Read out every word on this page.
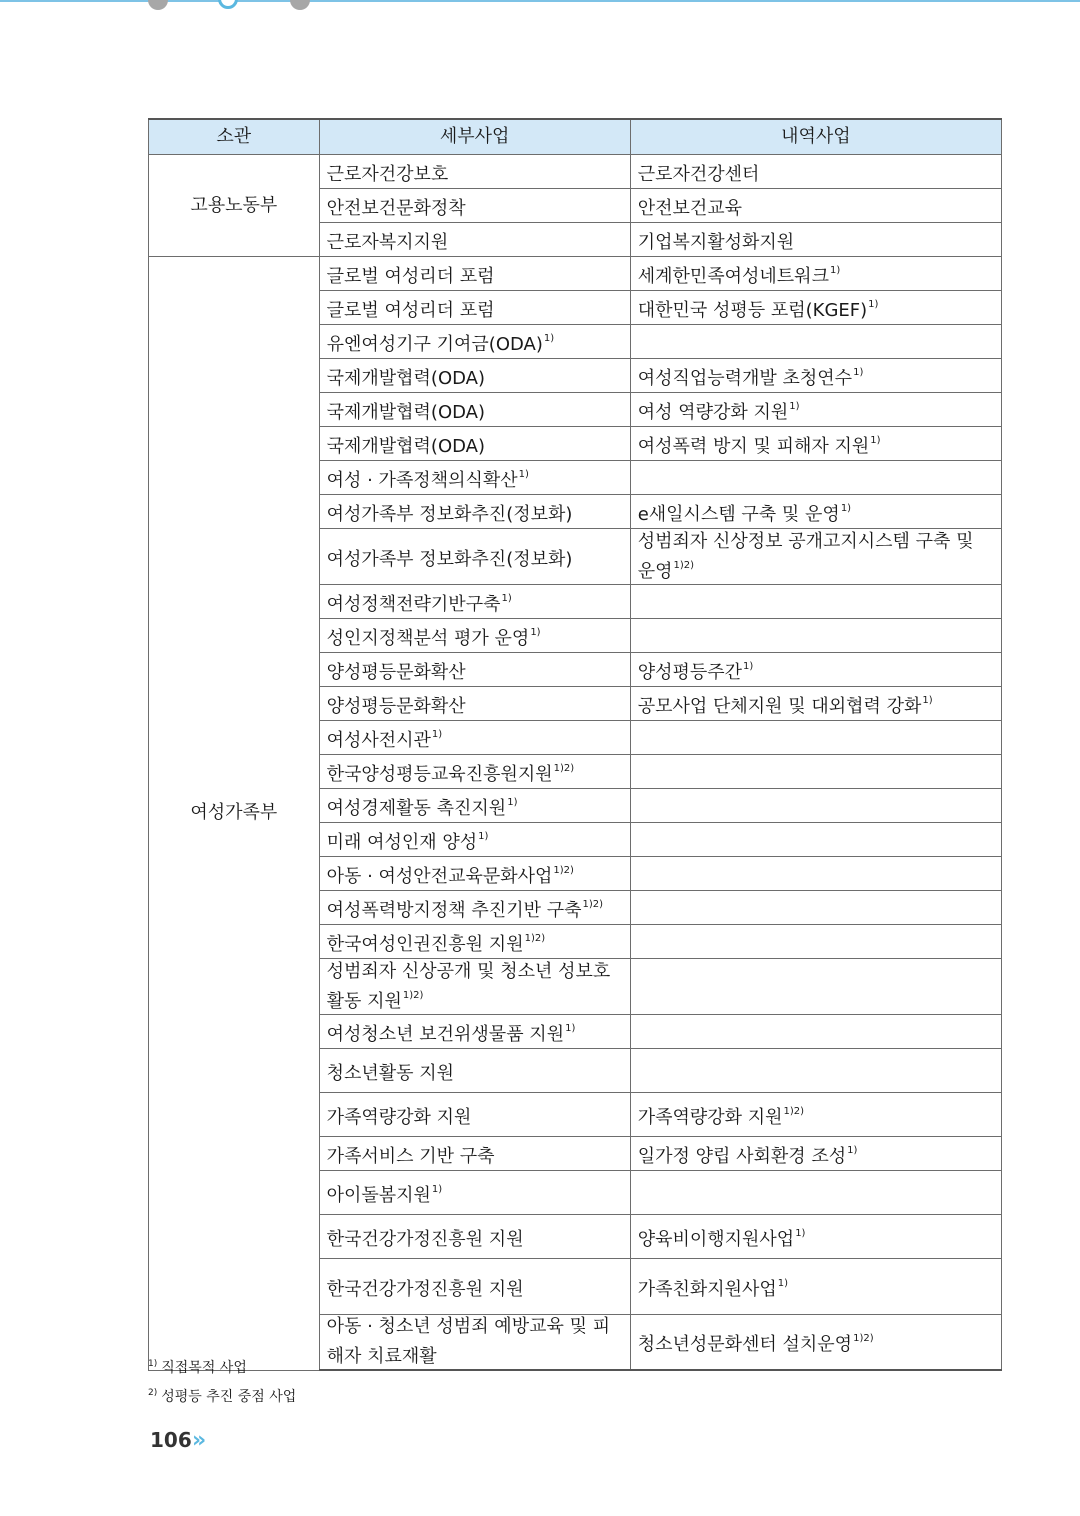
소관	세부사업	내역사업
고용노동부	근로자건강보호	근로자건강센터
	안전보건문화정착	안전보건교육
	근로자복지지원	기업복지활성화지원
여성가족부	글로벌 여성리더 포럼	세계한민족여성네트워크$^{1)}$
	글로벌 여성리더 포럼	대한민국 성평등 포럼(KGEF)$^{1)}$
	유엔여성기구 기여금(ODA)$^{1)}$	
	국제개발협력(ODA)	여성직업능력개발 초청연수$^{1)}$
	국제개발협력(ODA)	여성 역량강화 지원$^{1)}$
	국제개발협력(ODA)	여성폭력 방지 및 피해자 지원$^{1)}$
	여성 · 가족정책의식확산$^{1)}$	
	여성가족부 정보화추진(정보화)	e새일시스템 구축 및 운영$^{1)}$
	여성가족부 정보화추진(정보화)	성범죄자 신상정보 공개고지시스템 구축 및 운영$^{1)2)}$
	여성정책전략기반구축$^{1)}$	
	성인지정책분석 평가 운영$^{1)}$	
	양성평등문화확산	양성평등주간$^{1)}$
	양성평등문화확산	공모사업 단체지원 및 대외협력 강화$^{1)}$
	여성사전시관$^{1)}$	
	한국양성평등교육진흥원지원$^{1)2)}$	
	여성경제활동 촉진지원$^{1)}$	
	미래 여성인재 양성$^{1)}$	
	아동 · 여성안전교육문화사업$^{1)2)}$	
	여성폭력방지정책 추진기반 구축$^{1)2)}$	
	한국여성인권진흥원 지원$^{1)2)}$	
	성범죄자 신상공개 및 청소년 성보호활동 지원$^{1)2)}$	
	여성청소년 보건위생물품 지원$^{1)}$	
	청소년활동 지원	
	가족역량강화 지원	가족역량강화 지원$^{1)2)}$
	가족서비스 기반 구축	일가정 양립 사회환경 조성$^{1)}$
	아이돌봄지원$^{1)}$	
	한국건강가정진흥원 지원	양육비이행지원사업$^{1)}$
	한국건강가정진흥원 지원	가족친화지원사업$^{1)}$
	아동 · 청소년 성범죄 예방교육 및 피해자 치료재활	청소년성문화센터 설치운영$^{1)2)}$
$^{1)}$ 직접목적 사업
$^{2)}$ 성평등 추진 중점 사업
106 »
